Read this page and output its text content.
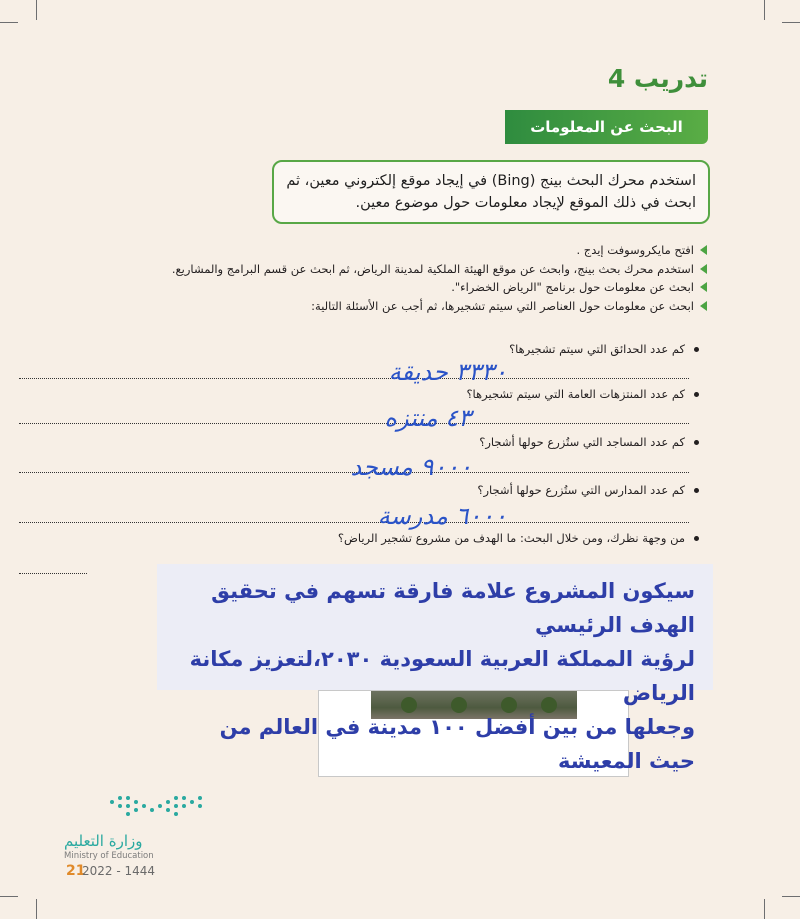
تدريب 4
البحث عن المعلومات
استخدم محرك البحث بينج (Bing) في إيجاد موقع إلكتروني معين، ثم
ابحث في ذلك الموقع لإيجاد معلومات حول موضوع معين.
افتح مايكروسوفت إيدج .
استخدم محرك بحث بينج، وابحث عن موقع الهيئة الملكية لمدينة الرياض، ثم ابحث عن قسم البرامج والمشاريع.
ابحث عن معلومات حول برنامج "الرياض الخضراء".
ابحث عن معلومات حول العناصر التي سيتم تشجيرها، ثم أجب عن الأسئلة التالية:
كم عدد الحدائق التي سيتم تشجيرها؟
٣٣٣٠ حديقة
كم عدد المنتزهات العامة التي سيتم تشجيرها؟
٤٣ منتزه
كم عدد المساجد التي ستُزرع حولها أشجار؟
٩٠٠٠ مسجد
كم عدد المدارس التي ستُزرع حولها أشجار؟
٦٠٠٠ مدرسة
من وجهة نظرك، ومن خلال البحث: ما الهدف من مشروع تشجير الرياض؟
سيكون المشروع علامة فارقة تسهم في تحقيق الهدف الرئيسي
لرؤية المملكة العربية السعودية ٢٠٣٠،لتعزيز مكانة الرياض
وجعلها من بين أفضل ١٠٠ مدينة في العالم من حيث المعيشة
وزارة التعليم
Ministry of Education
21
2022 - 1444
